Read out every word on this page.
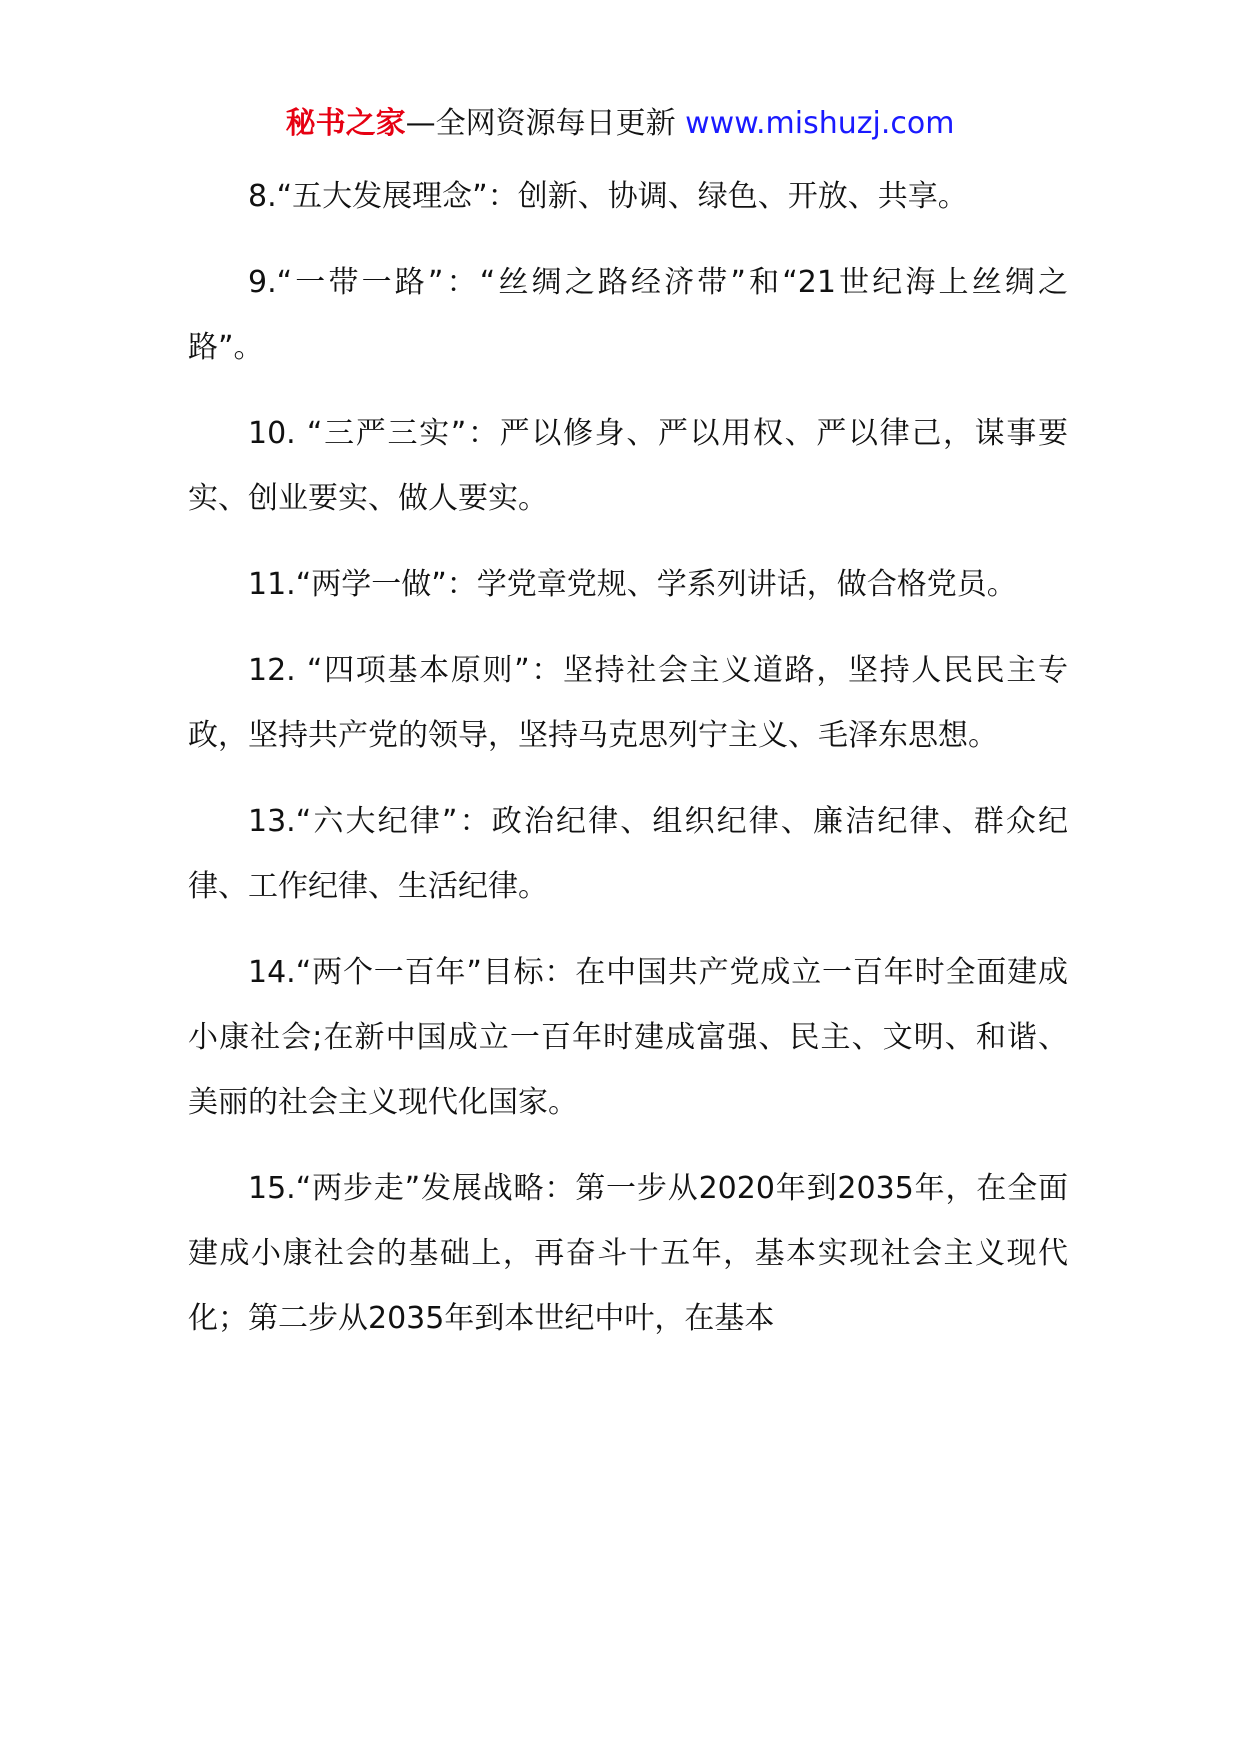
秘书之家—全网资源每日更新 www.mishuzj.com

8.“五大发展理念”：创新、协调、绿色、开放、共享。

9.“一带一路”：“丝绸之路经济带”和“21世纪海上丝绸之路”。

10. “三严三实”：严以修身、严以用权、严以律己，谋事要实、创业要实、做人要实。

11.“两学一做”：学党章党规、学系列讲话，做合格党员。

12. “四项基本原则”：坚持社会主义道路，坚持人民民主专政，坚持共产党的领导，坚持马克思列宁主义、毛泽东思想。

13.“六大纪律”：政治纪律、组织纪律、廉洁纪律、群众纪律、工作纪律、生活纪律。

14.“两个一百年”目标：在中国共产党成立一百年时全面建成小康社会;在新中国成立一百年时建成富强、民主、文明、和谐、美丽的社会主义现代化国家。

15.“两步走”发展战略：第一步从2020年到2035年，在全面建成小康社会的基础上，再奋斗十五年，基本实现社会主义现代化；第二步从2035年到本世纪中叶，在基本
